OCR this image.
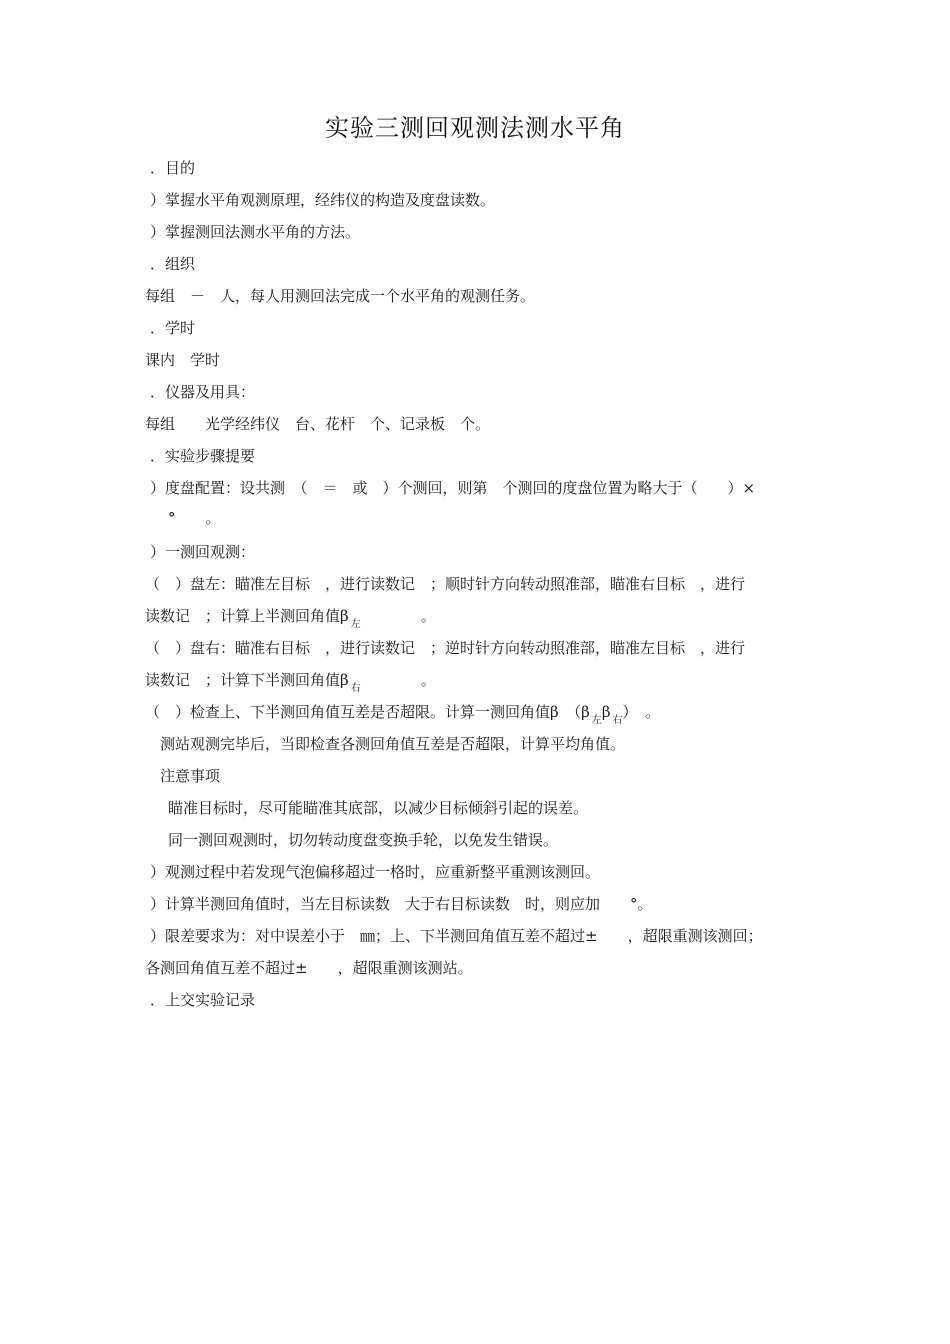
实验三测回观测法测水平角
．目的
）掌握水平角观测原理，经纬仪的构造及度盘读数。
）掌握测回法测水平角的方法。
．组织
每组　－　人，每人用测回法完成一个水平角的观测任务。
．学时
课内　学时
．仪器及用具：
每组　　光学经纬仪　台、花杆　个、记录板　个。
．实验步骤提要
）度盘配置：设共测　（　＝　或　）个测回，则第　个测回的度盘位置为略大于（　　）×
°　　。
）一测回观测：
（　）盘左：瞄准左目标　，进行读数记　；顺时针方向转动照准部，瞄准右目标　，进行
读数记　；计算上半测回角值β $_左$　　　　。
（　）盘右：瞄准右目标　，进行读数记　；逆时针方向转动照准部，瞄准左目标　，进行
读数记　；计算下半测回角值β $_右$　　　　。
（　）检查上、下半测回角值互差是否超限。计算一测回角值β　（β $_左$β $_右$）　。
测站观测完毕后，当即检查各测回角值互差是否超限，计算平均角值。
注意事项
瞄准目标时，尽可能瞄准其底部，以减少目标倾斜引起的误差。
同一测回观测时，切勿转动度盘变换手轮，以免发生错误。
）观测过程中若发现气泡偏移超过一格时，应重新整平重测该测回。
）计算半测回角值时，当左目标读数　大于右目标读数　时，则应加　　°。
）限差要求为：对中误差小于　㎜；上、下半测回角值互差不超过±　　，超限重测该测回；
各测回角值互差不超过±　　，超限重测该测站。
．上交实验记录
